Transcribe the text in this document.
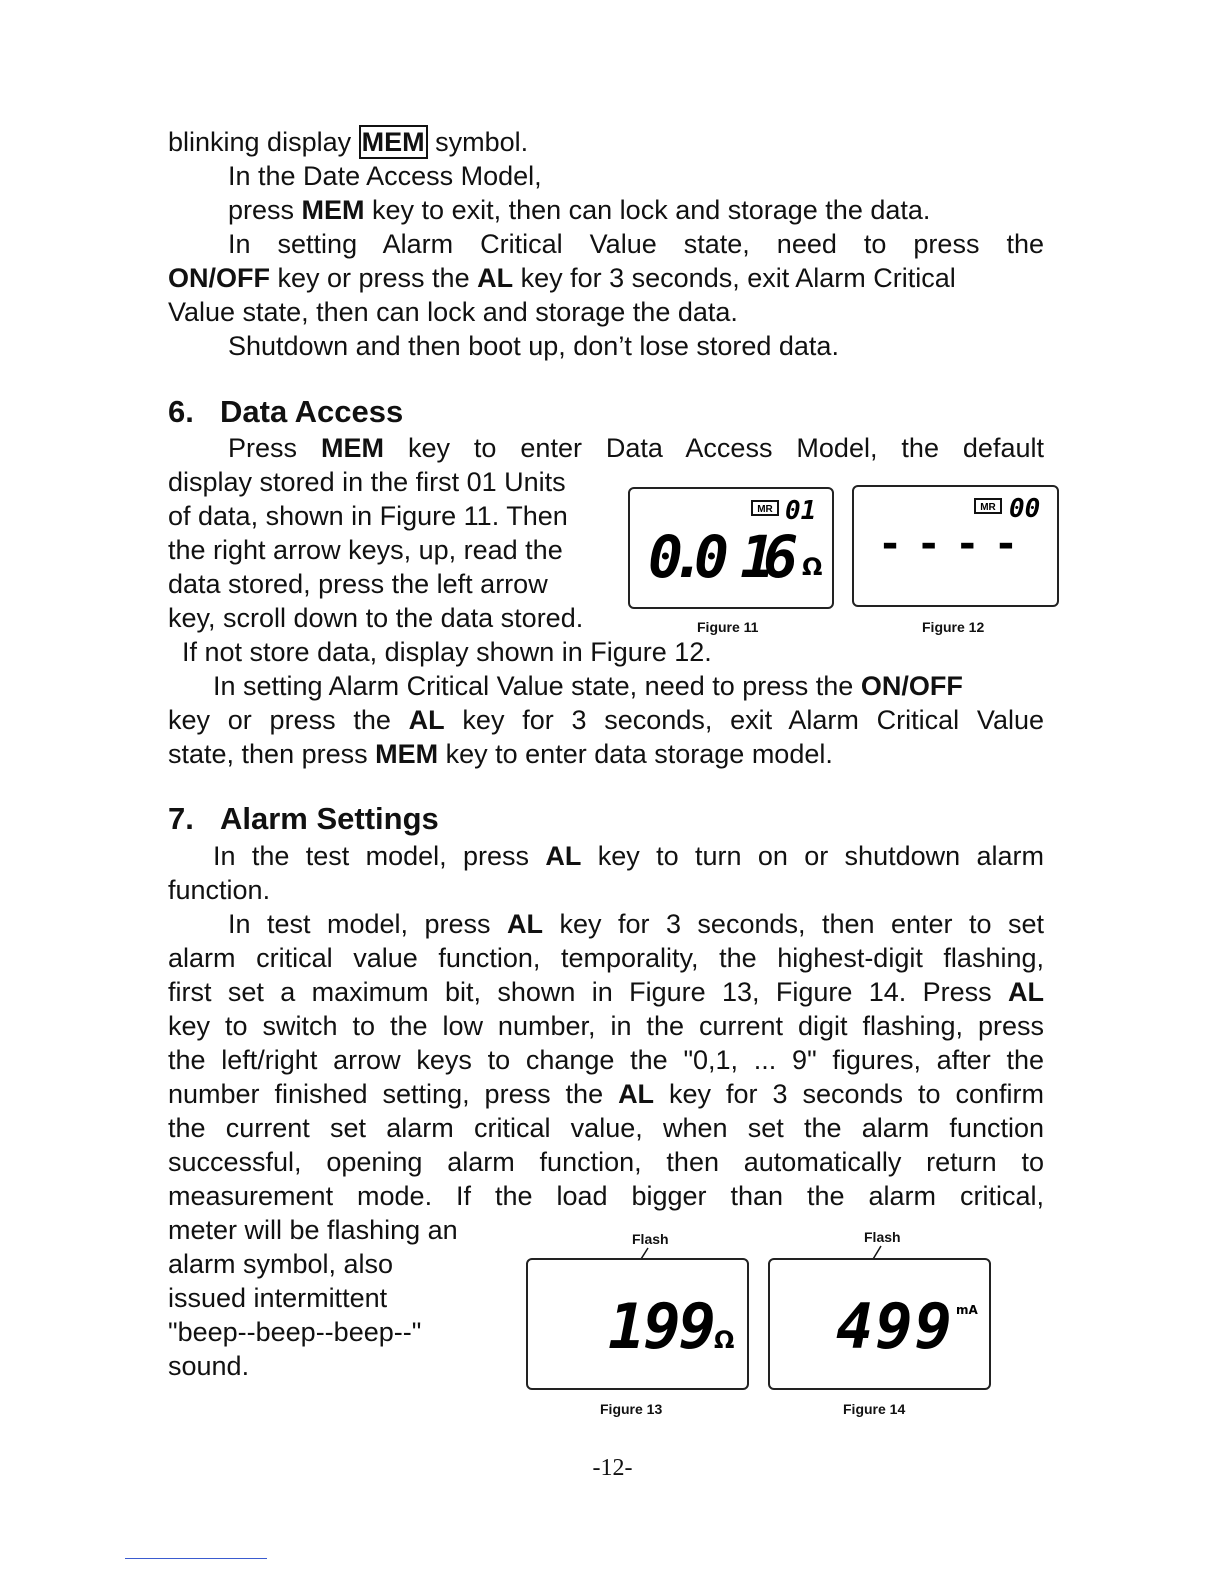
blinking display MEM symbol.
In the Date Access Model,
press MEM key to exit, then can lock and storage the data.
In setting Alarm Critical Value state, need to press the
ON/OFF key or press the AL key for 3 seconds, exit Alarm Critical
Value state, then can lock and storage the data.
Shutdown and then boot up, don’t lose stored data.
6. Data Access
Press MEM key to enter Data Access Model, the default
display stored in the first 01 Units
of data, shown in Figure 11. Then
the right arrow keys, up, read the
data stored, press the left arrow
key, scroll down to the data stored.
If not store data, display shown in Figure 12.
In setting Alarm Critical Value state, need to press the ON/OFF
key or press the AL key for 3 seconds, exit Alarm Critical Value
state, then press MEM key to enter data storage model.
MR 01
0.0 16 Ω
Figure 11
MR 00
- - - -
Figure 12
7. Alarm Settings
In the test model, press AL key to turn on or shutdown alarm
function.
In test model, press AL key for 3 seconds, then enter to set
alarm critical value function, temporality, the highest-digit flashing,
first set a maximum bit, shown in Figure 13, Figure 14. Press AL
key to switch to the low number, in the current digit flashing, press
the left/right arrow keys to change the "0,1, ... 9" figures, after the
number finished setting, press the AL key for 3 seconds to confirm
the current set alarm critical value, when set the alarm function
successful, opening alarm function, then automatically return to
measurement mode. If the load bigger than the alarm critical,
meter will be flashing an
alarm symbol, also
issued intermittent
"beep--beep--beep--"
sound.
Flash
199
Ω
Figure 13
Flash
499 mA
Figure 14
-12-
